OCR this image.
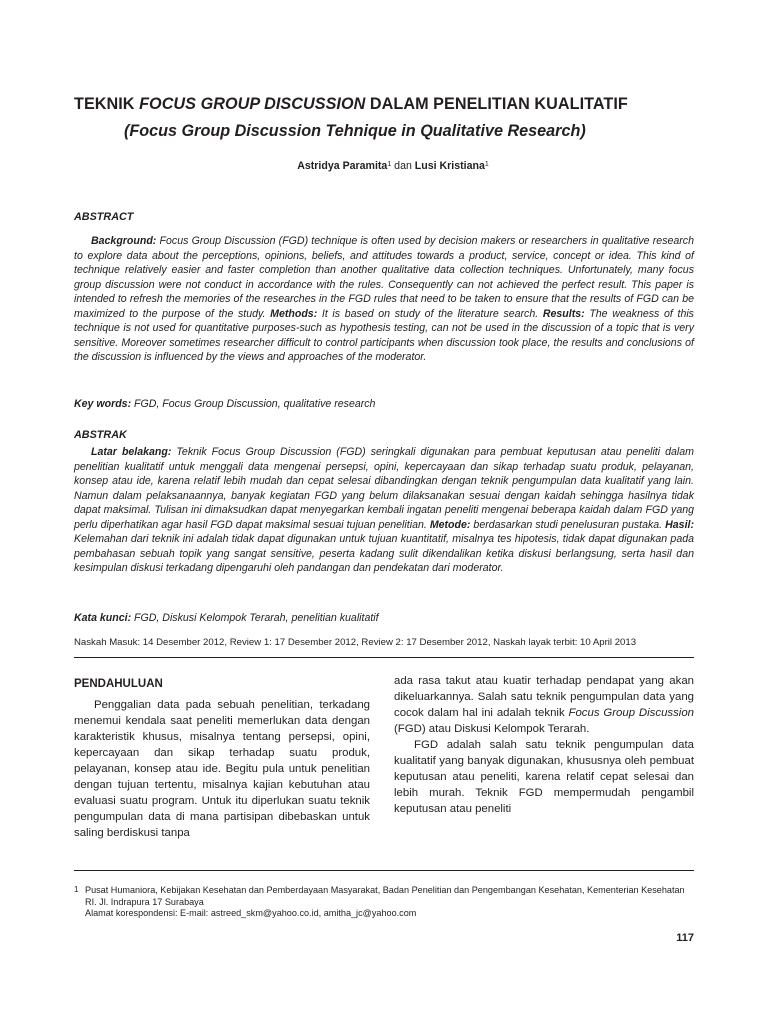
TEKNIK FOCUS GROUP DISCUSSION DALAM PENELITIAN KUALITATIF
(Focus Group Discussion Tehnique in Qualitative Research)
Astridya Paramita$^1$ dan Lusi Kristiana$^1$
ABSTRACT

Background: Focus Group Discussion (FGD) technique is often used by decision makers or researchers in qualitative research to explore data about the perceptions, opinions, beliefs, and attitudes towards a product, service, concept or idea. This kind of technique relatively easier and faster completion than another qualitative data collection techniques. Unfortunately, many focus group discussion were not conduct in accordance with the rules. Consequently can not achieved the perfect result. This paper is intended to refresh the memories of the researches in the FGD rules that need to be taken to ensure that the results of FGD can be maximized to the purpose of the study. Methods: It is based on study of the literature search. Results: The weakness of this technique is not used for quantitative purposes-such as hypothesis testing, can not be used in the discussion of a topic that is very sensitive. Moreover sometimes researcher difficult to control participants when discussion took place, the results and conclusions of the discussion is influenced by the views and approaches of the moderator.

Key words: FGD, Focus Group Discussion, qualitative research
ABSTRAK

Latar belakang: Teknik Focus Group Discussion (FGD) seringkali digunakan para pembuat keputusan atau peneliti dalam penelitian kualitatif untuk menggali data mengenai persepsi, opini, kepercayaan dan sikap terhadap suatu produk, pelayanan, konsep atau ide, karena relatif lebih mudah dan cepat selesai dibandingkan dengan teknik pengumpulan data kualitatif yang lain. Namun dalam pelaksanaannya, banyak kegiatan FGD yang belum dilaksanakan sesuai dengan kaidah sehingga hasilnya tidak dapat maksimal. Tulisan ini dimaksudkan dapat menyegarkan kembali ingatan peneliti mengenai beberapa kaidah dalam FGD yang perlu diperhatikan agar hasil FGD dapat maksimal sesuai tujuan penelitian. Metode: berdasarkan studi penelusuran pustaka. Hasil: Kelemahan dari teknik ini adalah tidak dapat digunakan untuk tujuan kuantitatif, misalnya tes hipotesis, tidak dapat digunakan pada pembahasan sebuah topik yang sangat sensitive, peserta kadang sulit dikendalikan ketika diskusi berlangsung, serta hasil dan kesimpulan diskusi terkadang dipengaruhi oleh pandangan dan pendekatan dari moderator.

Kata kunci: FGD, Diskusi Kelompok Terarah, penelitian kualitatif
Naskah Masuk: 14 Desember 2012, Review 1: 17 Desember 2012, Review 2: 17 Desember 2012, Naskah layak terbit: 10 April 2013
PENDAHULUAN

Penggalian data pada sebuah penelitian, terkadang menemui kendala saat peneliti memerlukan data dengan karakteristik khusus, misalnya tentang persepsi, opini, kepercayaan dan sikap terhadap suatu produk, pelayanan, konsep atau ide. Begitu pula untuk penelitian dengan tujuan tertentu, misalnya kajian kebutuhan atau evaluasi suatu program. Untuk itu diperlukan suatu teknik pengumpulan data di mana partisipan dibebaskan untuk saling berdiskusi tanpa

ada rasa takut atau kuatir terhadap pendapat yang akan dikeluarkannya. Salah satu teknik pengumpulan data yang cocok dalam hal ini adalah teknik Focus Group Discussion (FGD) atau Diskusi Kelompok Terarah.

FGD adalah salah satu teknik pengumpulan data kualitatif yang banyak digunakan, khususnya oleh pembuat keputusan atau peneliti, karena relatif cepat selesai dan lebih murah. Teknik FGD mempermudah pengambil keputusan atau peneliti

1 Pusat Humaniora, Kebijakan Kesehatan dan Pemberdayaan Masyarakat, Badan Penelitian dan Pengembangan Kesehatan, Kementerian Kesehatan RI. Jl. Indrapura 17 Surabaya
Alamat korespondensi: E-mail: astreed_skm@yahoo.co.id, amitha_jc@yahoo.com
117
